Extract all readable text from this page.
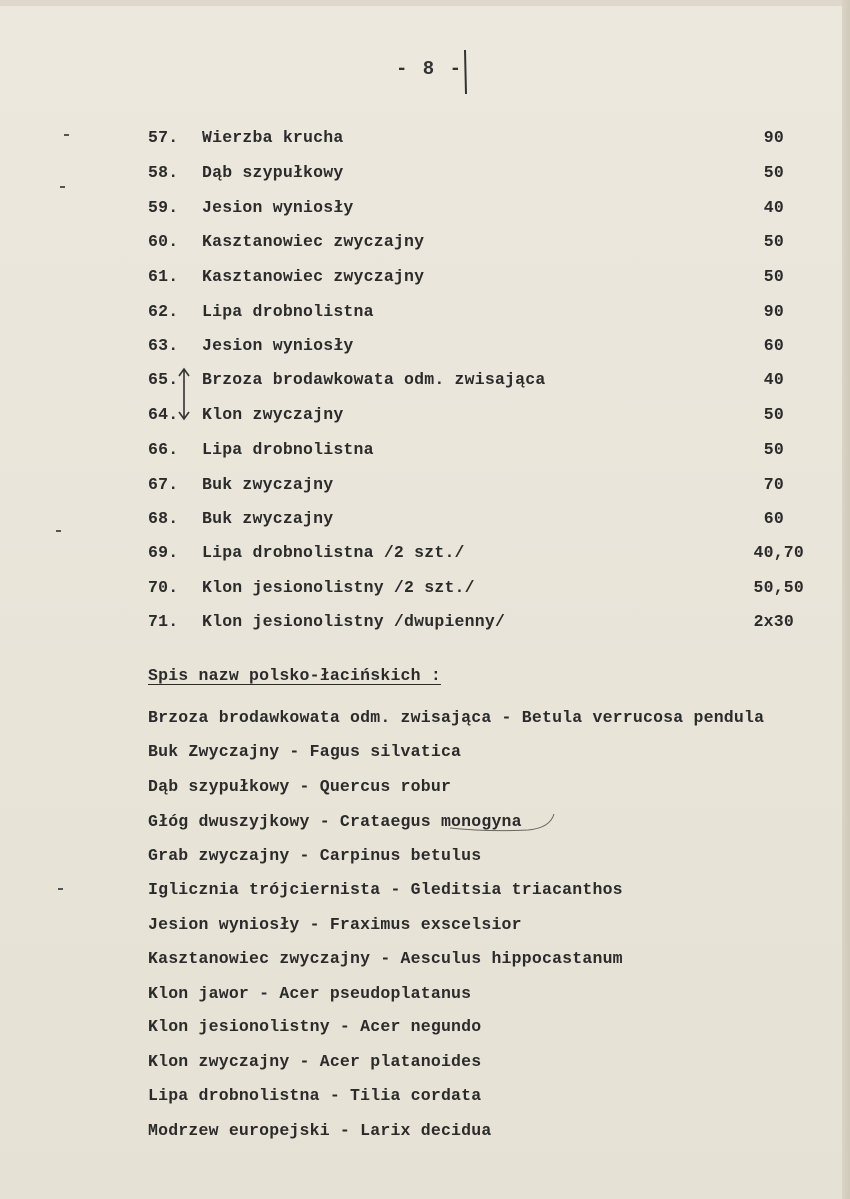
- 8 -
57. Wierzba krucha	90
58. Dąb szypułkowy	50
59. Jesion wyniosły	40
60. Kasztanowiec zwyczajny	50
61. Kasztanowiec zwyczajny	50
62. Lipa drobnolistna	90
63. Jesion wyniosły	60
65. Brzoza brodawkowata odm. zwisająca	40
64. Klon zwyczajny	50
66. Lipa drobnolistna	50
67. Buk zwyczajny	70
68. Buk zwyczajny	60
69. Lipa drobnolistna /2 szt./	40,70
70. Klon jesionolistny /2 szt./	50,50
71. Klon jesionolistny /dwupienny/	2x30
Spis nazw polsko-łacińskich :
Brzoza brodawkowata odm. zwisająca - Betula verrucosa pendula
Buk Zwyczajny - Fagus silvatica
Dąb szypułkowy - Quercus robur
Głóg dwuszyjkowy - Crataegus monogyna
Grab zwyczajny - Carpinus betulus
Iglicznia trójciernista - Gleditsia triacanthos
Jesion wyniosły - Fraximus exscelsior
Kasztanowiec zwyczajny - Aesculus hippocastanum
Klon jawor - Acer pseudoplatanus
Klon jesionolistny - Acer negundo
Klon zwyczajny - Acer platanoides
Lipa drobnolistna - Tilia cordata
Modrzew europejski - Larix decidua
